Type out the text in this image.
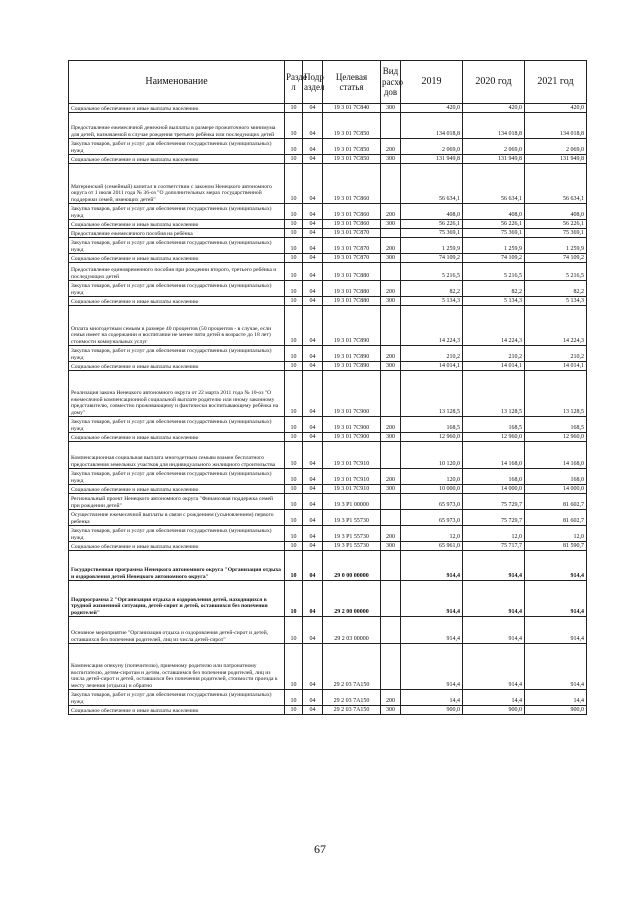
Наименование	Разде л	Подр аздел	Целевая статья	Вид расхо дов	2019	2020 год	2021 год
Социальное обеспечение и иные выплаты населению	10	04	19 3 01 7С840	300	420,0	420,0	420,0
Предоставление ежемесячной денежной выплаты в размере прожиточного минимума для детей, назначаемой в случае рождения третьего ребёнка или последующих детей	10	04	19 3 01 7С850		134 018,8	134 018,8	134 018,8
Закупка товаров, работ и услуг для обеспечения государственных (муниципальных) нужд	10	04	19 3 01 7С850	200	2 069,0	2 069,0	2 069,0
Социальное обеспечение и иные выплаты населению	10	04	19 3 01 7С850	300	131 949,8	131 949,8	131 949,8
Материнский (семейный) капитал в соответствии с законом Ненецкого автономного округа от 1 июля 2011 года № 36-оз "О дополнительных мерах государственной поддержки семей, имеющих детей"	10	04	19 3 01 7С860		56 634,1	56 634,1	56 634,1
Закупка товаров, работ и услуг для обеспечения государственных (муниципальных) нужд	10	04	19 3 01 7С860	200	408,0	408,0	408,0
Социальное обеспечение и иные выплаты населению	10	04	19 3 01 7С860	300	56 226,1	56 226,1	56 226,1
Предоставление ежемесячного пособия на ребёнка	10	04	19 3 01 7С870		75 369,1	75 369,1	75 369,1
Закупка товаров, работ и услуг для обеспечения государственных (муниципальных) нужд	10	04	19 3 01 7С870	200	1 259,9	1 259,9	1 259,9
Социальное обеспечение и иные выплаты населению	10	04	19 3 01 7С870	300	74 109,2	74 109,2	74 109,2
Предоставление единовременного пособия при рождении второго, третьего ребёнка и последующих детей	10	04	19 3 01 7С880		5 216,5	5 216,5	5 216,5
Закупка товаров, работ и услуг для обеспечения государственных (муниципальных) нужд	10	04	19 3 01 7С880	200	82,2	82,2	82,2
Социальное обеспечение и иные выплаты населению	10	04	19 3 01 7С880	300	5 134,3	5 134,3	5 134,3
Оплата многодетным семьям в размере 40 процентов (50 процентов - в случае, если семья имеет на содержании и воспитании не менее пяти детей в возрасте до 18 лет) стоимости коммунальных услуг	10	04	19 3 01 7С890		14 224,3	14 224,3	14 224,3
Закупка товаров, работ и услуг для обеспечения государственных (муниципальных) нужд	10	04	19 3 01 7С890	200	210,2	210,2	210,2
Социальное обеспечение и иные выплаты населению	10	04	19 3 01 7С890	300	14 014,1	14 014,1	14 014,1
Реализация закона Ненецкого автономного округа от 22 марта 2011 года № 10-оз "О ежемесячной компенсационной социальной выплате родителю или иному законному представителю, совместно проживающему и фактически воспитывающему ребёнка на дому"	10	04	19 3 01 7С900		13 128,5	13 128,5	13 128,5
Закупка товаров, работ и услуг для обеспечения государственных (муниципальных) нужд	10	04	19 3 01 7С900	200	168,5	168,5	168,5
Социальное обеспечение и иные выплаты населению	10	04	19 3 01 7С900	300	12 960,0	12 960,0	12 960,0
Компенсационная социальная выплата многодетным семьям взамен бесплатного предоставления земельных участков для индивидуального жилищного строительства	10	04	19 3 01 7С910		10 120,0	14 168,0	14 168,0
Закупка товаров, работ и услуг для обеспечения государственных (муниципальных) нужд	10	04	19 3 01 7С910	200	120,0	168,0	168,0
Социальное обеспечение и иные выплаты населению	10	04	19 3 01 7С910	300	10 000,0	14 000,0	14 000,0
Региональный проект Ненецкого автономного округа "Финансовая поддержка семей при рождении детей"	10	04	19 3 Р1 00000		65 973,0	75 729,7	81 602,7
Осуществление ежемесячной выплаты в связи с рождением (усыновлением) первого ребенка	10	04	19 3 Р1 55730		65 973,0	75 729,7	81 602,7
Закупка товаров, работ и услуг для обеспечения государственных (муниципальных) нужд	10	04	19 3 Р1 55730	200	12,0	12,0	12,0
Социальное обеспечение и иные выплаты населению	10	04	19 3 Р1 55730	300	65 961,0	75 717,7	81 590,7
Государственная программа Ненецкого автономного округа "Организация отдыха и оздоровления детей Ненецкого автономного округа"	10	04	29 0 00 00000		914,4	914,4	914,4
Подпрограмма 2 "Организация отдыха и оздоровления детей, находящихся в трудной жизненной ситуации, детей-сирот и детей, оставшихся без попечения родителей"	10	04	29 2 00 00000		914,4	914,4	914,4
Основное мероприятие "Организация отдыха и оздоровления детей-сирот и детей, оставшихся без попечения родителей, лиц из числа детей-сирот"	10	04	29 2 03 00000		914,4	914,4	914,4
Компенсация опекуну (попечителю), приемному родителю или патронатному воспитателю, детям-сиротам и детям, оставшимся без попечения родителей, лиц из числа детей-сирот и детей, оставшихся без попечения родителей, стоимости проезда к месту лечения (отдыха) и обратно	10	04	29 2 03 7А150		914,4	914,4	914,4
Закупка товаров, работ и услуг для обеспечения государственных (муниципальных) нужд	10	04	29 2 03 7А150	200	14,4	14,4	14,4
Социальное обеспечение и иные выплаты населению	10	04	29 2 03 7А150	300	900,0	900,0	900,0
67
